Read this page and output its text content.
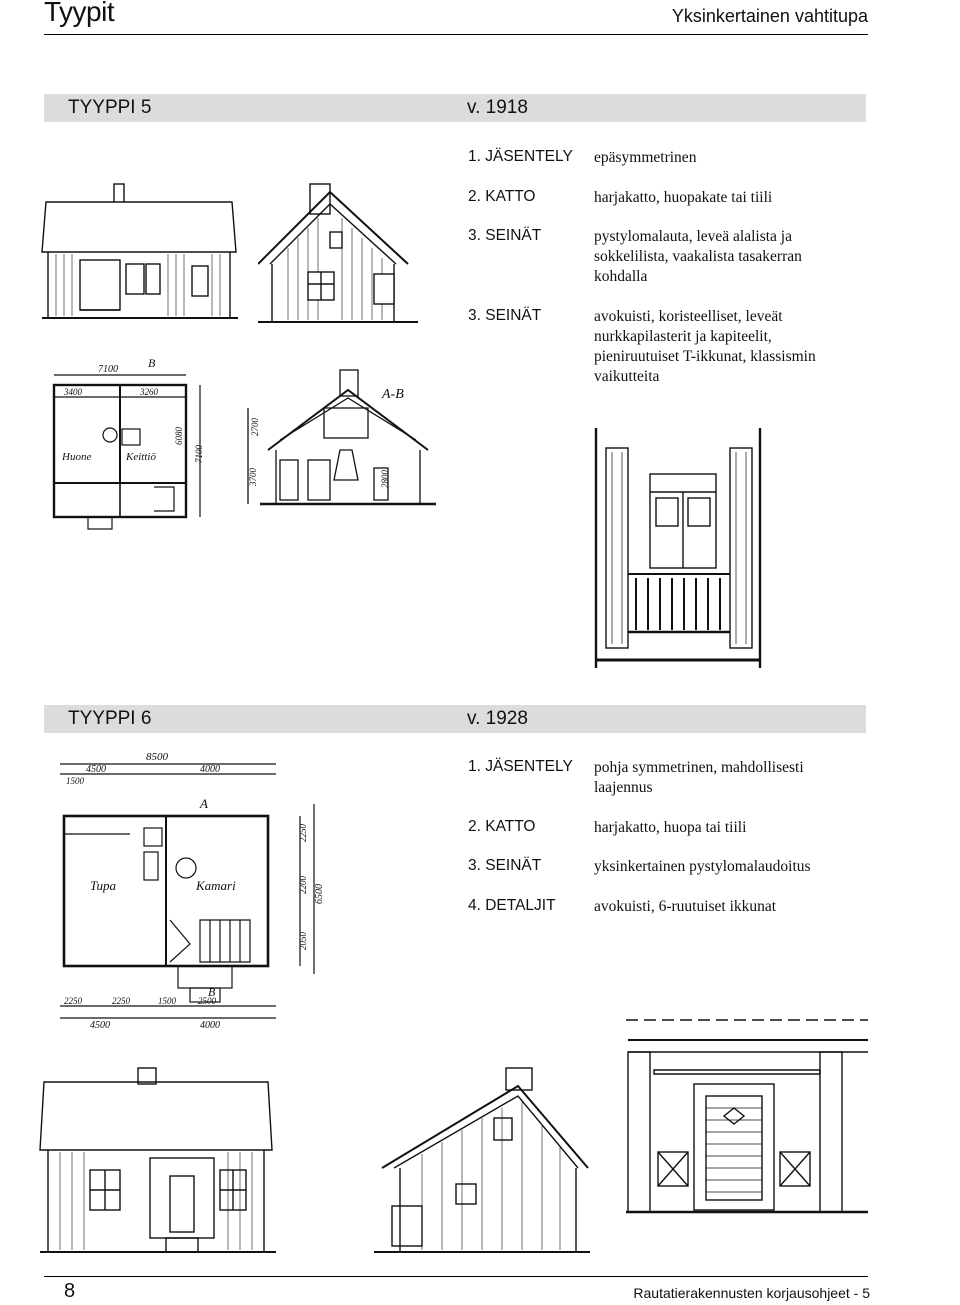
Tyypit	Yksinkertainen vahtitupa
TYYPPI 5	v. 1918
1. JÄSENTELY epäsymmetrinen
2. KATTO	harjakatto, huopakate tai tiili
3. SEINÄT	pystylomalauta, leveä alalista ja sokkelilista, vaakalista tasakerran kohdalla
3. SEINÄT	avokuisti, koristeelliset, leveät nurkkapilasterit ja kapiteelit, pieniruutuiset T-ikkunat, klassismin vaikutteita
7100
3400	3260
B
Huone	Keittiö
6080
7100
2700
3700	2800
A-B
TYYPPI 6	v. 1928
1. JÄSENTELY pohja symmetrinen, mahdollisesti laajennus
2. KATTO	harjakatto, huopa tai tiili
3. SEINÄT	yksinkertainen pystylomalaudoitus
4. DETALJIT avokuisti, 6-ruutuiset ikkunat
8500
4500	4000
1500
A
Tupa	Kamari
2250	2250	1500 2500
4500	4000
B
2250
2200
2050
6500
8	Rautatierakennusten korjausohjeet - 5
